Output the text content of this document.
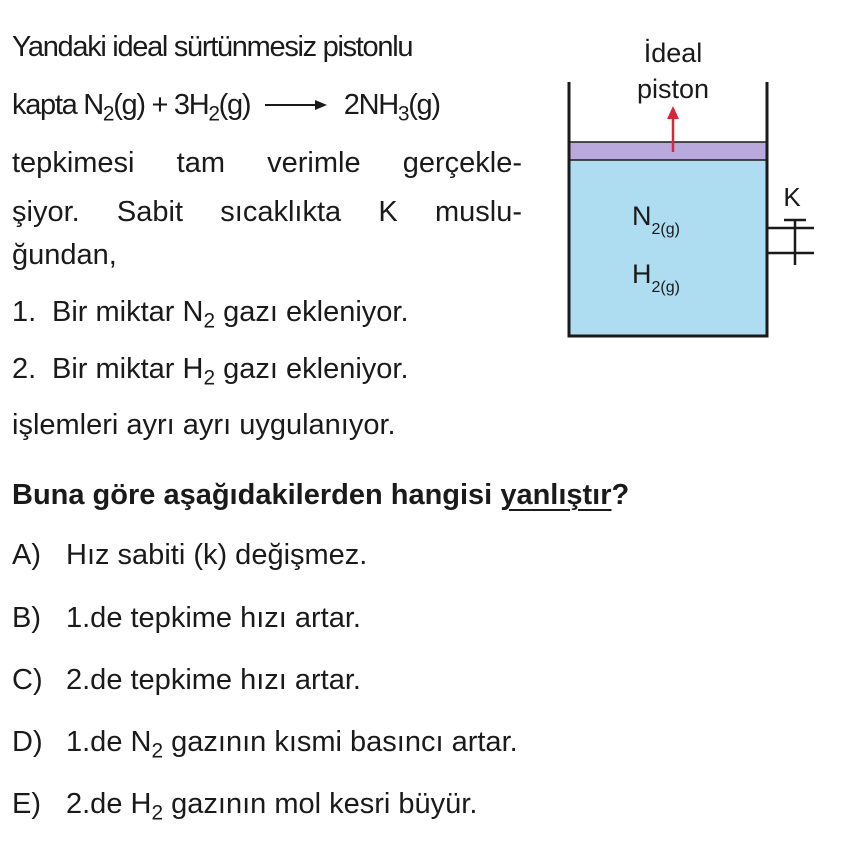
Yandaki ideal sürtünmesiz pistonlu
kapta $N_2(g) + 3H_2(g) \to 2NH_3(g)$
tepkimesi tam verimle gerçekle-
şiyor. Sabit sıcaklıkta K muslu-
ğundan,
1. Bir miktar $N_2$ gazı ekleniyor.
2. Bir miktar $H_2$ gazı ekleniyor.
işlemleri ayrı ayrı uygulanıyor.
Buna göre aşağıdakilerden hangisi yanlıştır?
A) Hız sabiti (k) değişmez.
B) 1.de tepkime hızı artar.
C) 2.de tepkime hızı artar.
D) 1.de $N_2$ gazının kısmi basıncı artar.
E) 2.de $H_2$ gazının mol kesri büyür.
İdeal
piston
$N_{2(g)}$
$H_{2(g)}$
K
